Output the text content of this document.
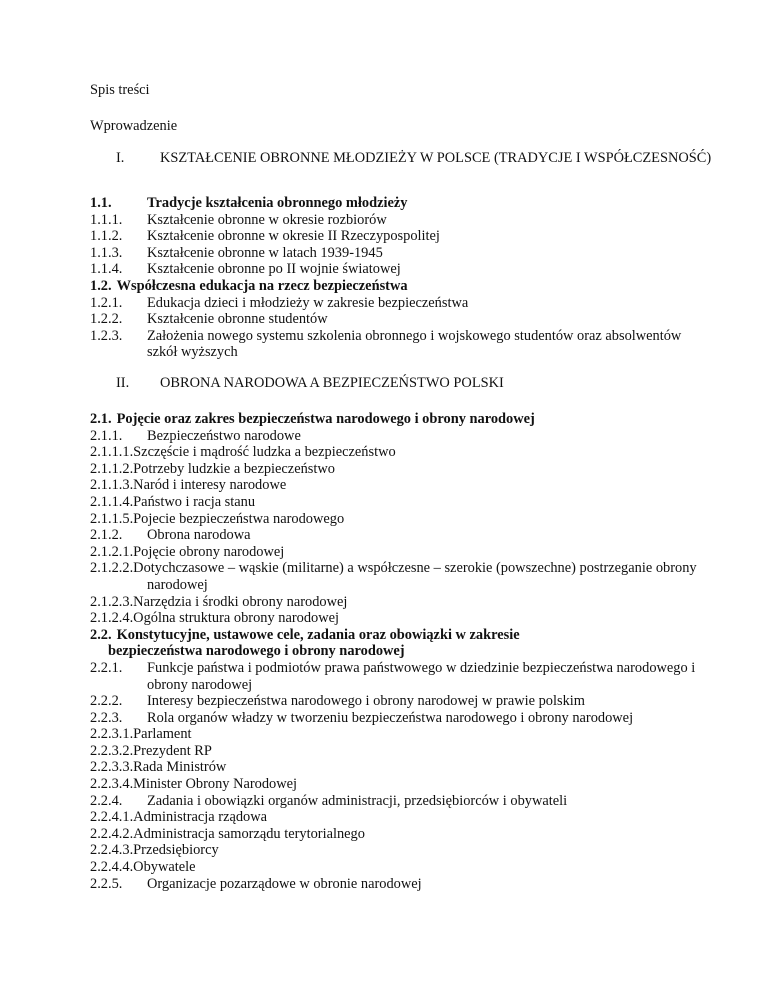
Spis treści
Wprowadzenie
I. KSZTAŁCENIE OBRONNE MŁODZIEŻY W POLSCE (TRADYCJE I WSPÓŁCZESNOŚĆ)
1.1. Tradycje kształcenia obronnego młodzieży
1.1.1. Kształcenie obronne w okresie rozbiorów
1.1.2. Kształcenie obronne w okresie II Rzeczypospolitej
1.1.3. Kształcenie obronne w latach 1939-1945
1.1.4. Kształcenie obronne po II wojnie światowej
1.2. Współczesna edukacja na rzecz bezpieczeństwa
1.2.1. Edukacja dzieci i młodzieży w zakresie bezpieczeństwa
1.2.2. Kształcenie obronne studentów
1.2.3. Założenia nowego systemu szkolenia obronnego i wojskowego studentów oraz absolwentów szkół wyższych
II. OBRONA NARODOWA A BEZPIECZEŃSTWO POLSKI
2.1. Pojęcie oraz zakres bezpieczeństwa narodowego i obrony narodowej
2.1.1. Bezpieczeństwo narodowe
2.1.1.1.Szczęście i mądrość ludzka a bezpieczeństwo
2.1.1.2.Potrzeby ludzkie a bezpieczeństwo
2.1.1.3.Naród i interesy narodowe
2.1.1.4.Państwo i racja stanu
2.1.1.5.Pojecie bezpieczeństwa narodowego
2.1.2. Obrona narodowa
2.1.2.1.Pojęcie obrony narodowej
2.1.2.2.Dotychczasowe – wąskie (militarne) a współczesne – szerokie (powszechne) postrzeganie obrony narodowej
2.1.2.3.Narzędzia i środki obrony narodowej
2.1.2.4.Ogólna struktura obrony narodowej
2.2. Konstytucyjne, ustawowe cele, zadania oraz obowiązki w zakresie bezpieczeństwa narodowego i obrony narodowej
2.2.1. Funkcje państwa i podmiotów prawa państwowego w dziedzinie bezpieczeństwa narodowego i obrony narodowej
2.2.2. Interesy bezpieczeństwa narodowego i obrony narodowej w prawie polskim
2.2.3. Rola organów władzy w tworzeniu bezpieczeństwa narodowego i obrony narodowej
2.2.3.1.Parlament
2.2.3.2.Prezydent RP
2.2.3.3.Rada Ministrów
2.2.3.4.Minister Obrony Narodowej
2.2.4. Zadania i obowiązki organów administracji, przedsiębiorców i obywateli
2.2.4.1.Administracja rządowa
2.2.4.2.Administracja samorządu terytorialnego
2.2.4.3.Przedsiębiorcy
2.2.4.4.Obywatele
2.2.5. Organizacje pozarządowe w obronie narodowej
